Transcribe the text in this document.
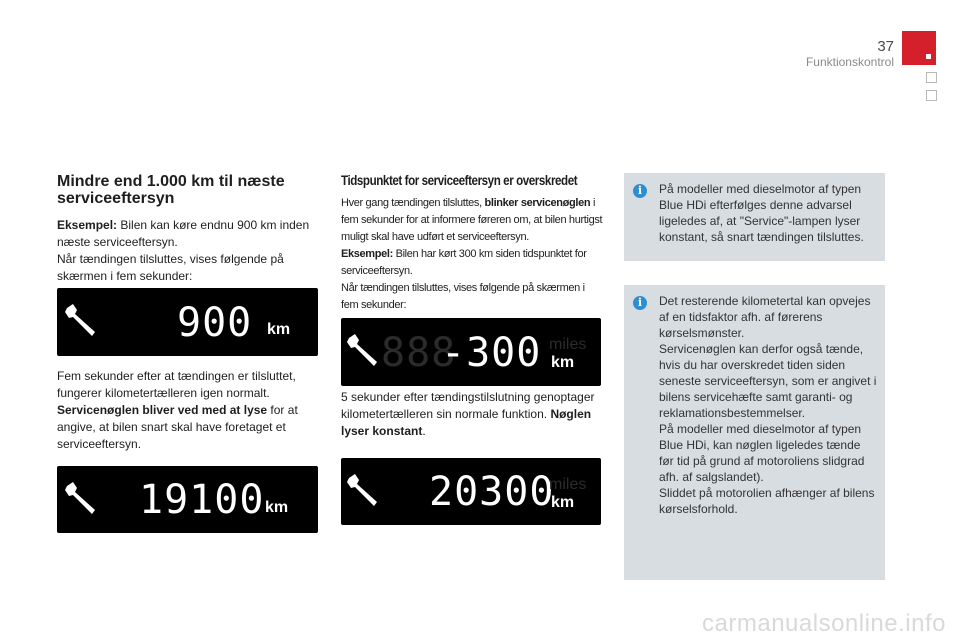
37
Funktionskontrol
Mindre end 1.000 km til næste serviceeftersyn

Eksempel: Bilen kan køre endnu 900 km inden næste serviceeftersyn.
Når tændingen tilsluttes, vises følgende på skærmen i fem sekunder:

900 km

Fem sekunder efter at tændingen er tilsluttet, fungerer kilometertælleren igen normalt.
Servicenøglen bliver ved med at lyse for at angive, at bilen snart skal have foretaget et serviceeftersyn.

19100 km
Tidspunktet for serviceeftersyn er overskredet

Hver gang tændingen tilsluttes, blinker servicenøglen i fem sekunder for at informere føreren om, at bilen hurtigst muligt skal have udført et serviceeftersyn.
Eksempel: Bilen har kørt 300 km siden tidspunktet for serviceeftersyn.
Når tændingen tilsluttes, vises følgende på skærmen i fem sekunder:

888
-300 miles
km

5 sekunder efter tændingstilslutning genoptager kilometertælleren sin normale funktion. Nøglen lyser konstant.

20300
miles
km
i	På modeller med dieselmotor af typen Blue HDi efterfølges denne advarsel ligeledes af, at "Service"-lampen lyser konstant, så snart tændingen tilsluttes.
i	Det resterende kilometertal kan opvejes af en tidsfaktor afh. af førerens kørselsmønster.

Servicenøglen kan derfor også tænde, hvis du har overskredet tiden siden seneste serviceeftersyn, som er angivet i bilens servicehæfte samt garanti- og reklamationsbestemmelser.

På modeller med dieselmotor af typen Blue HDi, kan nøglen ligeledes tænde før tid på grund af motoroliens slidgrad afh. af salgslandet).

Sliddet på motorolien afhænger af bilens kørselsforhold.

carmanualsonline.info
